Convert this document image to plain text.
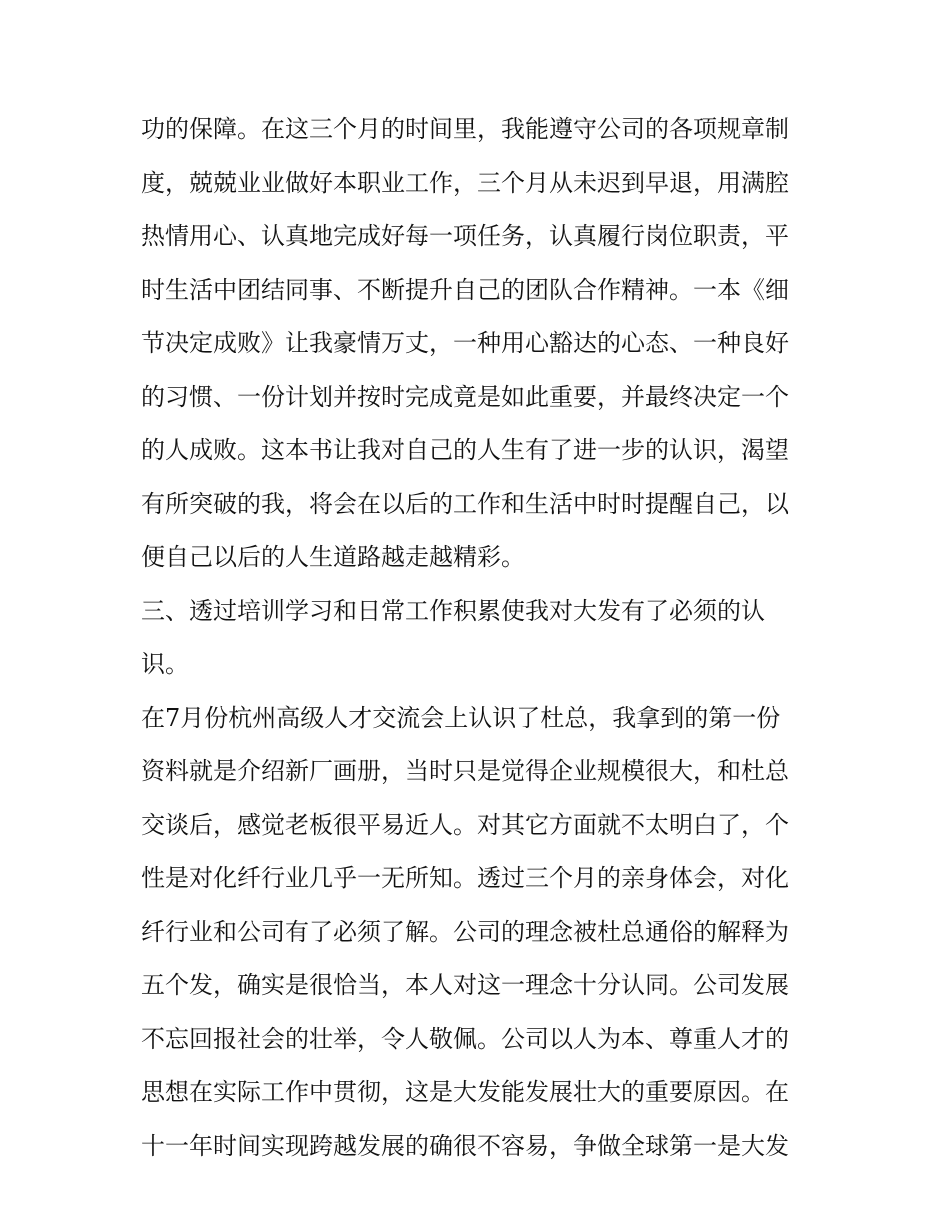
功的保障。在这三个月的时间里，我能遵守公司的各项规章制
度，兢兢业业做好本职业工作，三个月从未迟到早退，用满腔
热情用心、认真地完成好每一项任务，认真履行岗位职责，平
时生活中团结同事、不断提升自己的团队合作精神。一本《细
节决定成败》让我豪情万丈，一种用心豁达的心态、一种良好
的习惯、一份计划并按时完成竟是如此重要，并最终决定一个
的人成败。这本书让我对自己的人生有了进一步的认识，渴望
有所突破的我，将会在以后的工作和生活中时时提醒自己，以
便自己以后的人生道路越走越精彩。
三、透过培训学习和日常工作积累使我对大发有了必须的认
识。
在7月份杭州高级人才交流会上认识了杜总，我拿到的第一份
资料就是介绍新厂画册，当时只是觉得企业规模很大，和杜总
交谈后，感觉老板很平易近人。对其它方面就不太明白了，个
性是对化纤行业几乎一无所知。透过三个月的亲身体会，对化
纤行业和公司有了必须了解。公司的理念被杜总通俗的解释为
五个发，确实是很恰当，本人对这一理念十分认同。公司发展
不忘回报社会的壮举，令人敬佩。公司以人为本、尊重人才的
思想在实际工作中贯彻，这是大发能发展壮大的重要原因。在
十一年时间实现跨越发展的确很不容易，争做全球第一是大发
